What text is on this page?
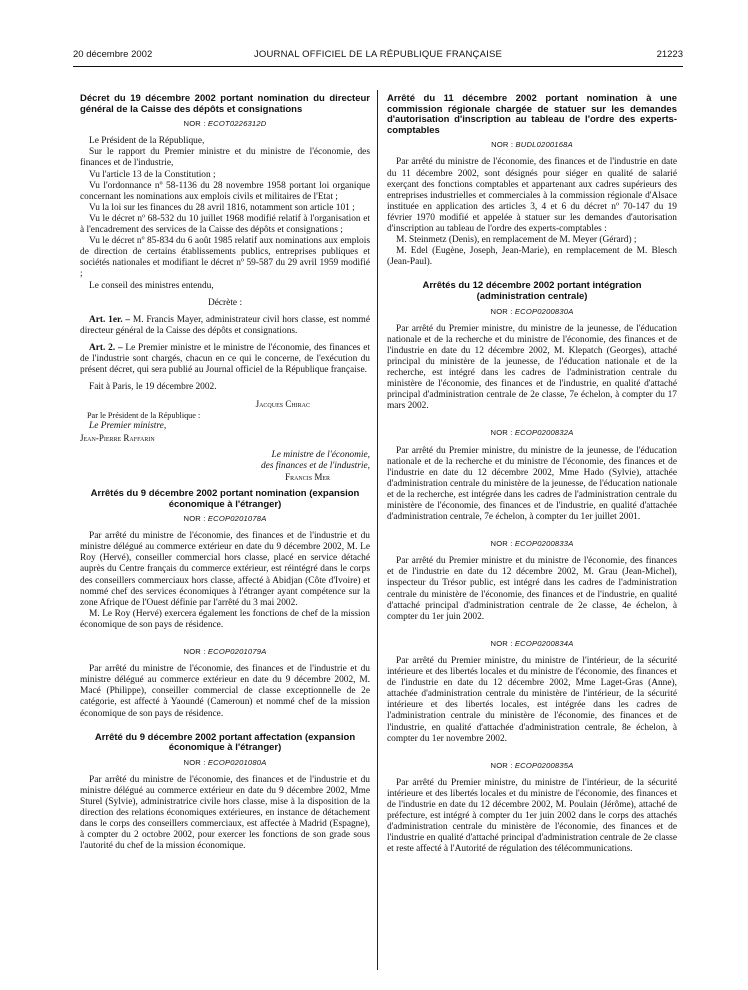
20 décembre 2002	JOURNAL OFFICIEL DE LA RÉPUBLIQUE FRANÇAISE	21223
Décret du 19 décembre 2002 portant nomination du directeur général de la Caisse des dépôts et consignations
NOR : ECOT0226312D

Le Président de la République,

Sur le rapport du Premier ministre et du ministre de l'économie, des finances et de l'industrie,

Vu l'article 13 de la Constitution ;

Vu l'ordonnance nº 58-1136 du 28 novembre 1958 portant loi organique concernant les nominations aux emplois civils et militaires de l'Etat ;

Vu la loi sur les finances du 28 avril 1816, notamment son article 101 ;

Vu le décret nº 68-532 du 10 juillet 1968 modifié relatif à l'organisation et à l'encadrement des services de la Caisse des dépôts et consignations ;

Vu le décret nº 85-834 du 6 août 1985 relatif aux nominations aux emplois de direction de certains établissements publics, entreprises publiques et sociétés nationales et modifiant le décret nº 59-587 du 29 avril 1959 modifié ;

Le conseil des ministres entendu,

Décrète :

Art. 1er. – M. Francis Mayer, administrateur civil hors classe, est nommé directeur général de la Caisse des dépôts et consignations.

Art. 2. – Le Premier ministre et le ministre de l'économie, des finances et de l'industrie sont chargés, chacun en ce qui le concerne, de l'exécution du présent décret, qui sera publié au Journal officiel de la République française.

Fait à Paris, le 19 décembre 2002.

Jacques Chirac

Par le Président de la République :

Le Premier ministre,

Jean-Pierre Raffarin

Le ministre de l'économie,

des finances et de l'industrie,

Francis Mer

Arrêtés du 9 décembre 2002 portant nomination (expansion économique à l'étranger)
NOR : ECOP0201078A

Par arrêté du ministre de l'économie, des finances et de l'industrie et du ministre délégué au commerce extérieur en date du 9 décembre 2002, M. Le Roy (Hervé), conseiller commercial hors classe, placé en service détaché auprès du Centre français du commerce extérieur, est réintégré dans le corps des conseillers commerciaux hors classe, affecté à Abidjan (Côte d'Ivoire) et nommé chef des services économiques à l'étranger ayant compétence sur la zone Afrique de l'Ouest définie par l'arrêté du 3 mai 2002.

M. Le Roy (Hervé) exercera également les fonctions de chef de la mission économique de son pays de résidence.

NOR : ECOP0201079A

Par arrêté du ministre de l'économie, des finances et de l'industrie et du ministre délégué au commerce extérieur en date du 9 décembre 2002, M. Macé (Philippe), conseiller commercial de classe exceptionnelle de 2e catégorie, est affecté à Yaoundé (Cameroun) et nommé chef de la mission économique de son pays de résidence.

Arrêté du 9 décembre 2002 portant affectation (expansion économique à l'étranger)
NOR : ECOP0201080A

Par arrêté du ministre de l'économie, des finances et de l'industrie et du ministre délégué au commerce extérieur en date du 9 décembre 2002, Mme Sturel (Sylvie), administratrice civile hors classe, mise à la disposition de la direction des relations économiques extérieures, en instance de détachement dans le corps des conseillers commerciaux, est affectée à Madrid (Espagne), à compter du 2 octobre 2002, pour exercer les fonctions de son grade sous l'autorité du chef de la mission économique.

Arrêté du 11 décembre 2002 portant nomination à une commission régionale chargée de statuer sur les demandes d'autorisation d'inscription au tableau de l'ordre des experts-comptables
NOR : BUDL0200168A

Par arrêté du ministre de l'économie, des finances et de l'industrie en date du 11 décembre 2002, sont désignés pour siéger en qualité de salarié exerçant des fonctions comptables et appartenant aux cadres supérieurs des entreprises industrielles et commerciales à la commission régionale d'Alsace instituée en application des articles 3, 4 et 6 du décret nº 70-147 du 19 février 1970 modifié et appelée à statuer sur les demandes d'autorisation d'inscription au tableau de l'ordre des experts-comptables :

M. Steinmetz (Denis), en remplacement de M. Meyer (Gérard) ;

M. Edel (Eugène, Joseph, Jean-Marie), en remplacement de M. Blesch (Jean-Paul).

Arrêtés du 12 décembre 2002 portant intégration (administration centrale)
NOR : ECOP0200830A

Par arrêté du Premier ministre, du ministre de la jeunesse, de l'éducation nationale et de la recherche et du ministre de l'économie, des finances et de l'industrie en date du 12 décembre 2002, M. Klepatch (Georges), attaché principal du ministère de la jeunesse, de l'éducation nationale et de la recherche, est intégré dans les cadres de l'administration centrale du ministère de l'économie, des finances et de l'industrie, en qualité d'attaché principal d'administration centrale de 2e classe, 7e échelon, à compter du 17 mars 2002.

NOR : ECOP0200832A

Par arrêté du Premier ministre, du ministre de la jeunesse, de l'éducation nationale et de la recherche et du ministre de l'économie, des finances et de l'industrie en date du 12 décembre 2002, Mme Hado (Sylvie), attachée d'administration centrale du ministère de la jeunesse, de l'éducation nationale et de la recherche, est intégrée dans les cadres de l'administration centrale du ministère de l'économie, des finances et de l'industrie, en qualité d'attachée d'administration centrale, 7e échelon, à compter du 1er juillet 2001.

NOR : ECOP0200833A

Par arrêté du Premier ministre et du ministre de l'économie, des finances et de l'industrie en date du 12 décembre 2002, M. Grau (Jean-Michel), inspecteur du Trésor public, est intégré dans les cadres de l'administration centrale du ministère de l'économie, des finances et de l'industrie, en qualité d'attaché principal d'administration centrale de 2e classe, 4e échelon, à compter du 1er juin 2002.

NOR : ECOP0200834A

Par arrêté du Premier ministre, du ministre de l'intérieur, de la sécurité intérieure et des libertés locales et du ministre de l'économie, des finances et de l'industrie en date du 12 décembre 2002, Mme Laget-Gras (Anne), attachée d'administration centrale du ministère de l'intérieur, de la sécurité intérieure et des libertés locales, est intégrée dans les cadres de l'administration centrale du ministère de l'économie, des finances et de l'industrie, en qualité d'attachée d'administration centrale, 8e échelon, à compter du 1er novembre 2002.

NOR : ECOP0200835A

Par arrêté du Premier ministre, du ministre de l'intérieur, de la sécurité intérieure et des libertés locales et du ministre de l'économie, des finances et de l'industrie en date du 12 décembre 2002, M. Poulain (Jérôme), attaché de préfecture, est intégré à compter du 1er juin 2002 dans le corps des attachés d'administration centrale du ministère de l'économie, des finances et de l'industrie en qualité d'attaché principal d'administration centrale de 2e classe et reste affecté à l'Autorité de régulation des télécommunications.
